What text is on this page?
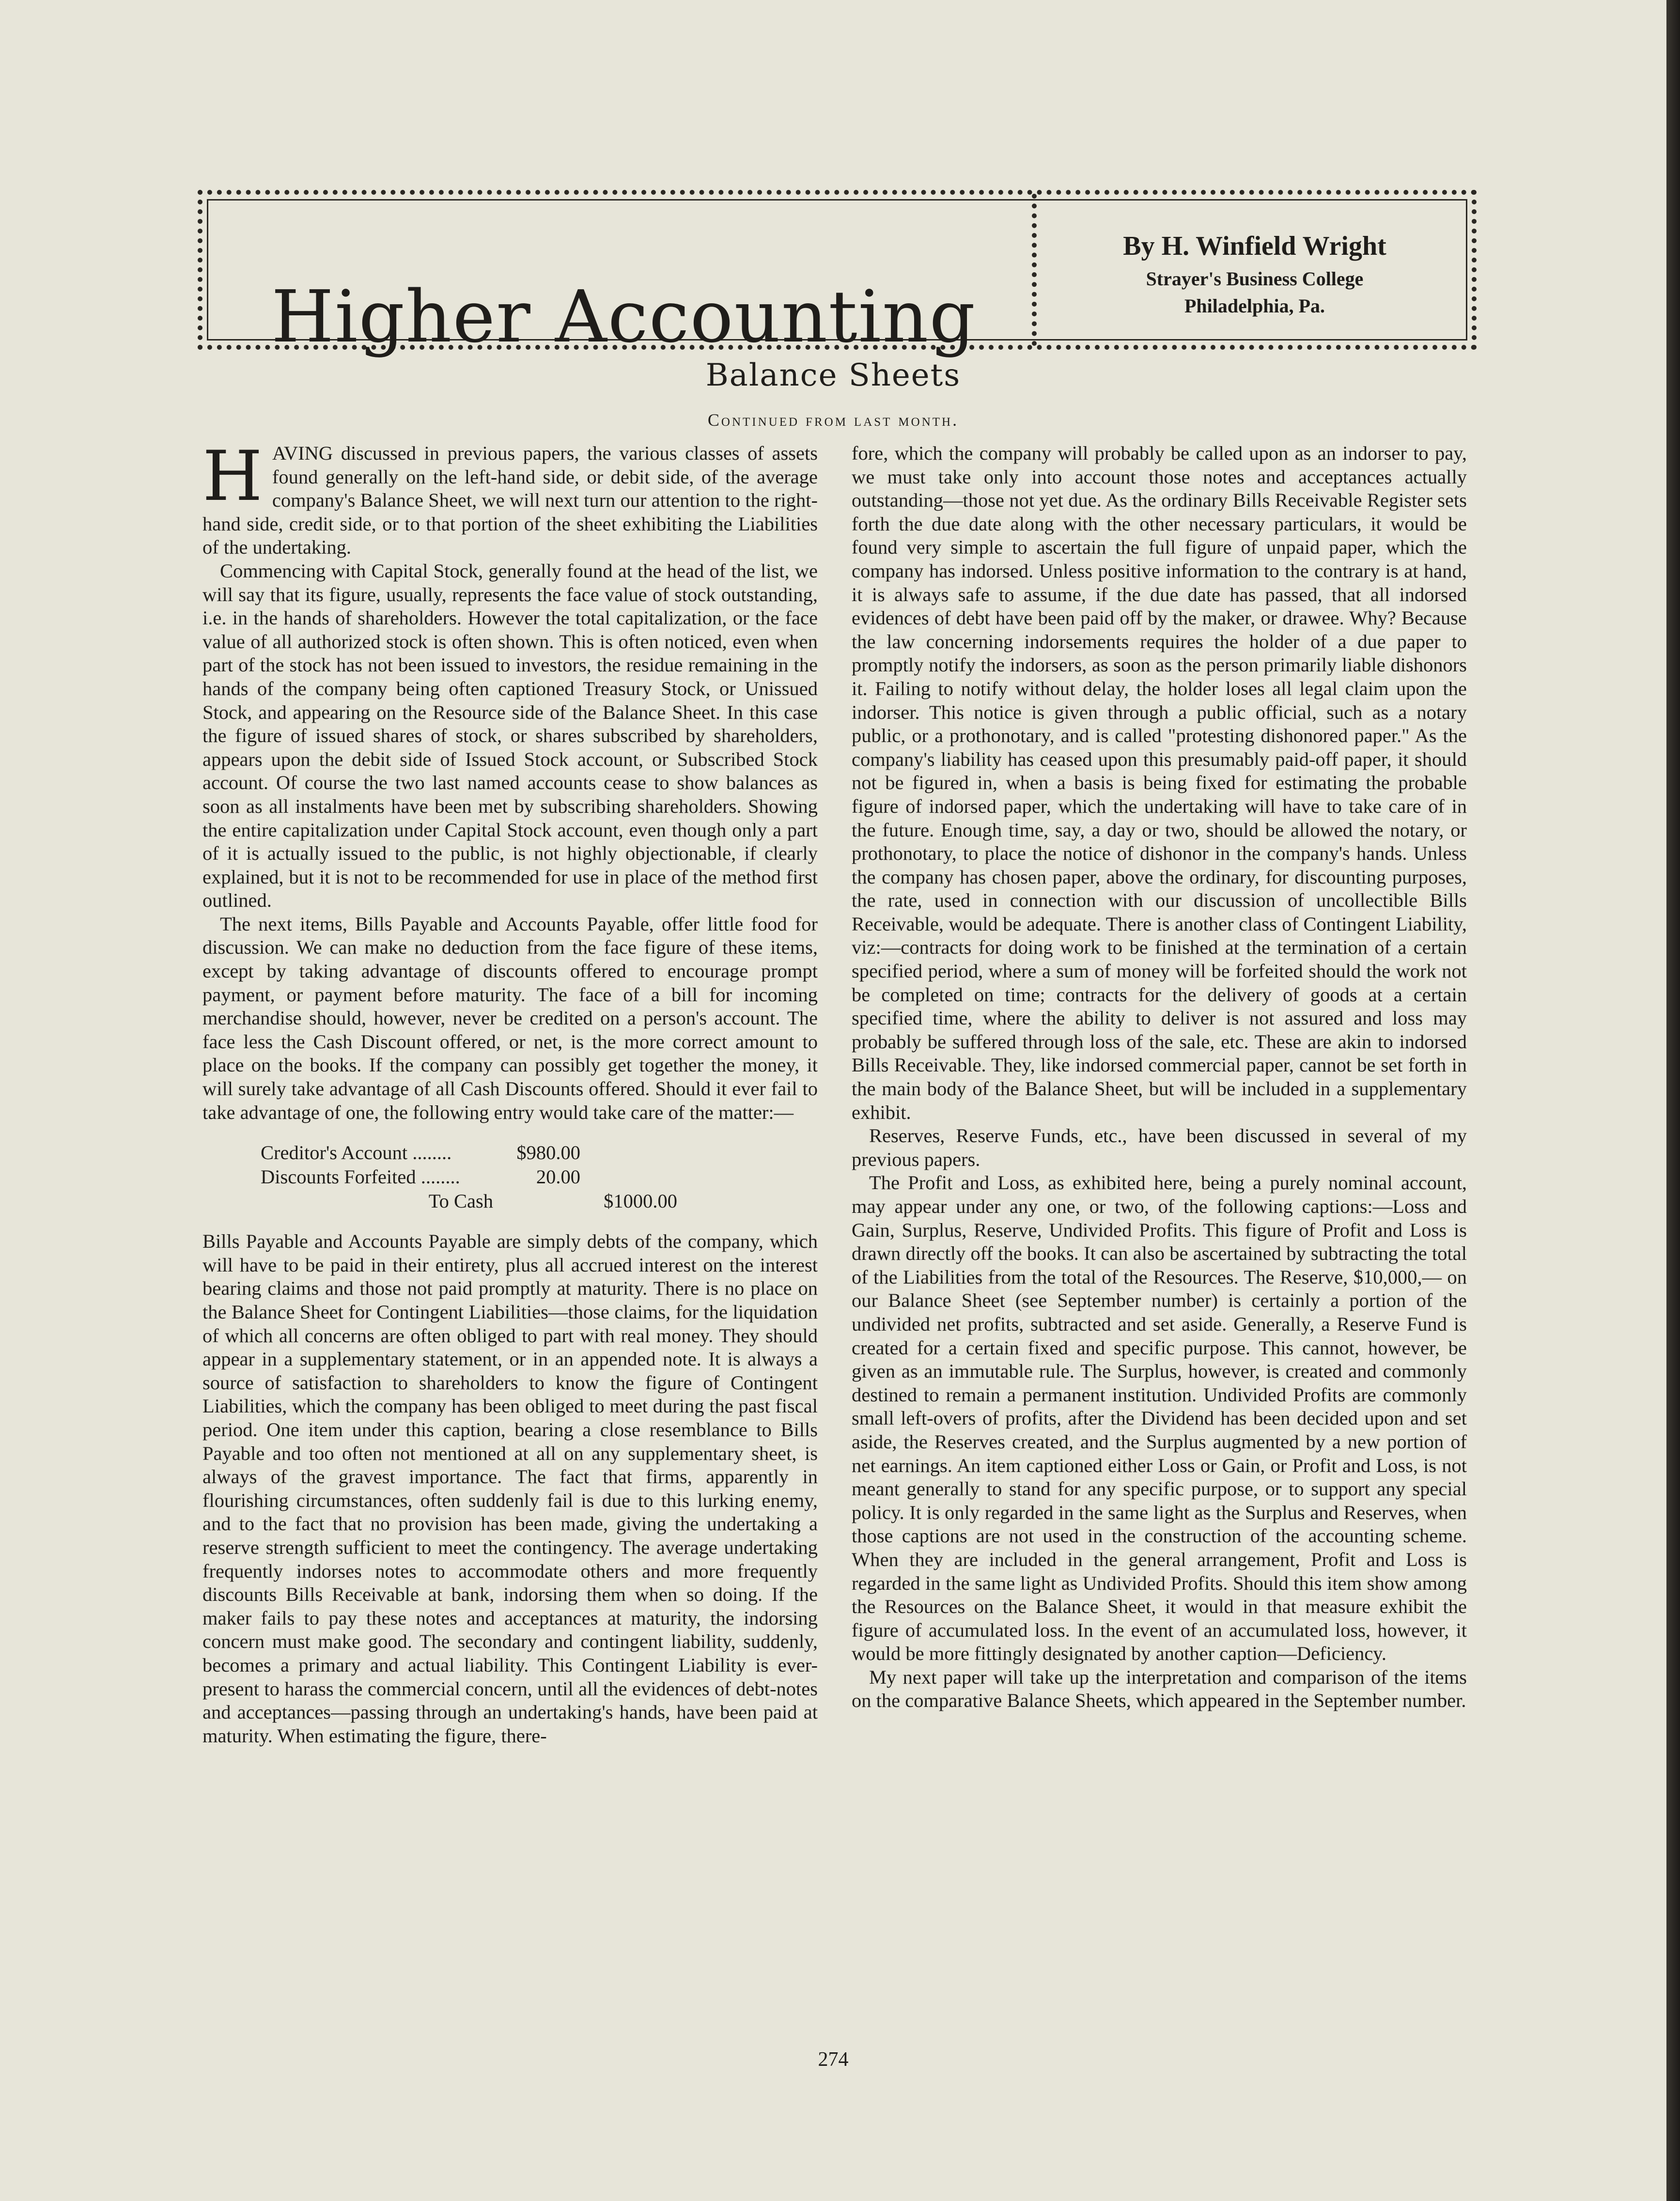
Higher Accounting
By H. Winfield Wright
Strayer's Business College
Philadelphia, Pa.
Balance Sheets
Continued from last month.

HAVING discussed in previous papers, the various classes of assets found generally on the left-hand side, or debit side, of the average company's Balance Sheet, we will next turn our attention to the right-hand side, credit side, or to that portion of the sheet exhibiting the Liabilities of the undertaking.

Commencing with Capital Stock, generally found at the head of the list, we will say that its figure, usually, represents the face value of stock outstanding, i.e. in the hands of shareholders. However the total capitalization, or the face value of all authorized stock is often shown. This is often noticed, even when part of the stock has not been issued to investors, the residue remaining in the hands of the company being often captioned Treasury Stock, or Unissued Stock, and appearing on the Resource side of the Balance Sheet. In this case the figure of issued shares of stock, or shares subscribed by shareholders, appears upon the debit side of Issued Stock account, or Subscribed Stock account. Of course the two last named accounts cease to show balances as soon as all instalments have been met by subscribing shareholders. Showing the entire capitalization under Capital Stock account, even though only a part of it is actually issued to the public, is not highly objectionable, if clearly explained, but it is not to be recommended for use in place of the method first outlined.

The next items, Bills Payable and Accounts Payable, offer little food for discussion. We can make no deduction from the face figure of these items, except by taking advantage of discounts offered to encourage prompt payment, or payment before maturity. The face of a bill for incoming merchandise should, however, never be credited on a person's account. The face less the Cash Discount offered, or net, is the more correct amount to place on the books. If the company can possibly get together the money, it will surely take advantage of all Cash Discounts offered. Should it ever fail to take advantage of one, the following entry would take care of the matter:—

Creditor's Account ........	$980.00
Discounts Forfeited ........	20.00
To Cash	$1000.00

Bills Payable and Accounts Payable are simply debts of the company, which will have to be paid in their entirety, plus all accrued interest on the interest bearing claims and those not paid promptly at maturity. There is no place on the Balance Sheet for Contingent Liabilities—those claims, for the liquidation of which all concerns are often obliged to part with real money. They should appear in a supplementary statement, or in an appended note. It is always a source of satisfaction to shareholders to know the figure of Contingent Liabilities, which the company has been obliged to meet during the past fiscal period. One item under this caption, bearing a close resemblance to Bills Payable and too often not mentioned at all on any supplementary sheet, is always of the gravest importance. The fact that firms, apparently in flourishing circumstances, often suddenly fail is due to this lurking enemy, and to the fact that no provision has been made, giving the undertaking a reserve strength sufficient to meet the contingency. The average undertaking frequently indorses notes to accommodate others and more frequently discounts Bills Receivable at bank, indorsing them when so doing. If the maker fails to pay these notes and acceptances at maturity, the indorsing concern must make good. The secondary and contingent liability, suddenly, becomes a primary and actual liability. This Contingent Liability is ever-present to harass the commercial concern, until all the evidences of debt-notes and acceptances—passing through an undertaking's hands, have been paid at maturity. When estimating the figure, there-

fore, which the company will probably be called upon as an indorser to pay, we must take only into account those notes and acceptances actually outstanding—those not yet due. As the ordinary Bills Receivable Register sets forth the due date along with the other necessary particulars, it would be found very simple to ascertain the full figure of unpaid paper, which the company has indorsed. Unless positive information to the contrary is at hand, it is always safe to assume, if the due date has passed, that all indorsed evidences of debt have been paid off by the maker, or drawee. Why? Because the law concerning indorsements requires the holder of a due paper to promptly notify the indorsers, as soon as the person primarily liable dishonors it. Failing to notify without delay, the holder loses all legal claim upon the indorser. This notice is given through a public official, such as a notary public, or a prothonotary, and is called "protesting dishonored paper." As the company's liability has ceased upon this presumably paid-off paper, it should not be figured in, when a basis is being fixed for estimating the probable figure of indorsed paper, which the undertaking will have to take care of in the future. Enough time, say, a day or two, should be allowed the notary, or prothonotary, to place the notice of dishonor in the company's hands. Unless the company has chosen paper, above the ordinary, for discounting purposes, the rate, used in connection with our discussion of uncollectible Bills Receivable, would be adequate. There is another class of Contingent Liability, viz:—contracts for doing work to be finished at the termination of a certain specified period, where a sum of money will be forfeited should the work not be completed on time; contracts for the delivery of goods at a certain specified time, where the ability to deliver is not assured and loss may probably be suffered through loss of the sale, etc. These are akin to indorsed Bills Receivable. They, like indorsed commercial paper, cannot be set forth in the main body of the Balance Sheet, but will be included in a supplementary exhibit.

Reserves, Reserve Funds, etc., have been discussed in several of my previous papers.

The Profit and Loss, as exhibited here, being a purely nominal account, may appear under any one, or two, of the following captions:—Loss and Gain, Surplus, Reserve, Undivided Profits. This figure of Profit and Loss is drawn directly off the books. It can also be ascertained by subtracting the total of the Liabilities from the total of the Resources. The Reserve, $10,000,— on our Balance Sheet (see September number) is certainly a portion of the undivided net profits, subtracted and set aside. Generally, a Reserve Fund is created for a certain fixed and specific purpose. This cannot, however, be given as an immutable rule. The Surplus, however, is created and commonly destined to remain a permanent institution. Undivided Profits are commonly small left-overs of profits, after the Dividend has been decided upon and set aside, the Reserves created, and the Surplus augmented by a new portion of net earnings. An item captioned either Loss or Gain, or Profit and Loss, is not meant generally to stand for any specific purpose, or to support any special policy. It is only regarded in the same light as the Surplus and Reserves, when those captions are not used in the construction of the accounting scheme. When they are included in the general arrangement, Profit and Loss is regarded in the same light as Undivided Profits. Should this item show among the Resources on the Balance Sheet, it would in that measure exhibit the figure of accumulated loss. In the event of an accumulated loss, however, it would be more fittingly designated by another caption—Deficiency.

My next paper will take up the interpretation and comparison of the items on the comparative Balance Sheets, which appeared in the September number.

274
